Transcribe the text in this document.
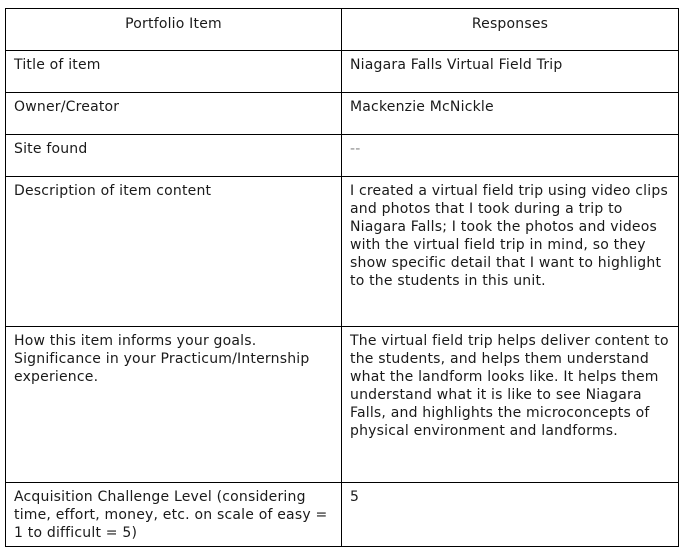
Portfolio Item	Responses
Title of item	Niagara Falls Virtual Field Trip
Owner/Creator	Mackenzie McNickle
Site found	--
Description of item content	I created a virtual field trip using video clips and photos that I took during a trip to Niagara Falls; I took the photos and videos with the virtual field trip in mind, so they show specific detail that I want to highlight to the students in this unit.
How this item informs your goals. Significance in your Practicum/Internship experience.	The virtual field trip helps deliver content to the students, and helps them understand what the landform looks like. It helps them understand what it is like to see Niagara Falls, and highlights the microconcepts of physical environment and landforms.
Acquisition Challenge Level (considering time, effort, money, etc. on scale of easy = 1 to difficult = 5)	5
